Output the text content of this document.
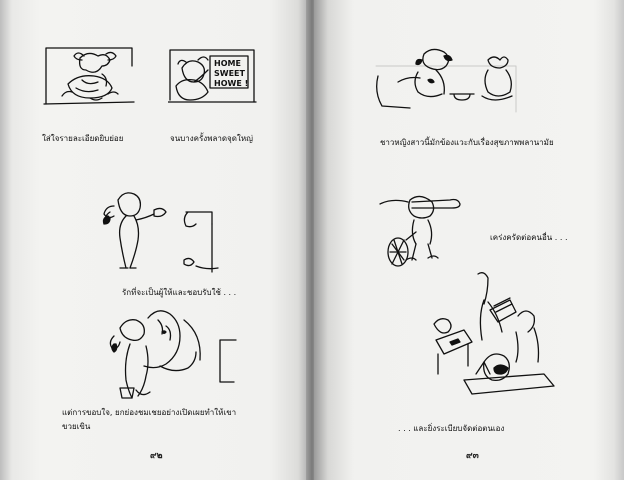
HOME
SWEET
HOWE !
ใส่ใจรายละเอียดยิบย่อย	จนบางครั้งพลาดจุดใหญ่
รักที่จะเป็นผู้ให้และชอบรับใช้ . . .
แต่การขอบใจ, ยกย่องชมเชยอย่างเปิดเผยทำให้เขา
ขวยเขิน
๙๒
ชาวหญิงสาวนี้มักข้องแวะกับเรื่องสุขภาพพลานามัย
เคร่งครัดต่อคนอื่น . . .
. . . และยิ่งระเบียบจัดต่อตนเอง
๙๓
